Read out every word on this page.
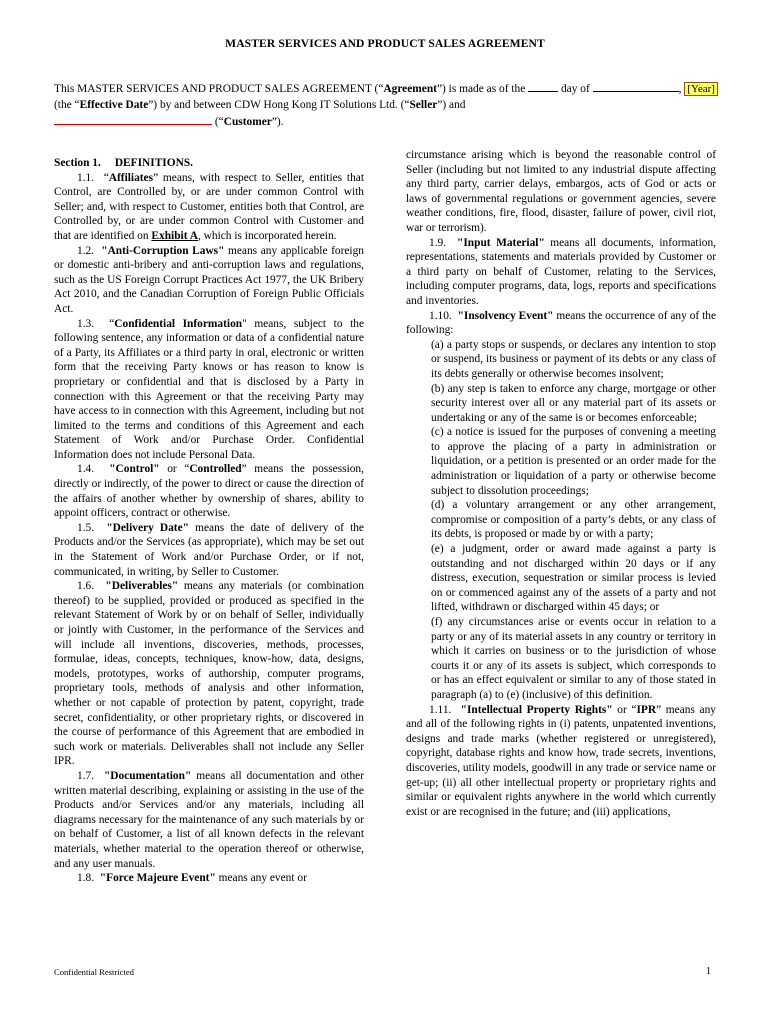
MASTER SERVICES AND PRODUCT SALES AGREEMENT
This MASTER SERVICES AND PRODUCT SALES AGREEMENT (“Agreement”) is made as of the	day of	, [Year] (the “Effective Date”) by and between CDW Hong Kong IT Solutions Ltd. (“Seller”) and
(“Customer”).

Section 1. DEFINITIONS.

1.1. “Affiliates” means, with respect to Seller, entities that Control, are Controlled by, or are under common Control with Seller; and, with respect to Customer, entities both that Control, are Controlled by, or are under common Control with Customer and that are identified on Exhibit A, which is incorporated herein.

1.2. "Anti-Corruption Laws" means any applicable foreign or domestic anti-bribery and anti-corruption laws and regulations, such as the US Foreign Corrupt Practices Act 1977, the UK Bribery Act 2010, and the Canadian Corruption of Foreign Public Officials Act.

1.3. “Confidential Information" means, subject to the following sentence, any information or data of a confidential nature of a Party, its Affiliates or a third party in oral, electronic or written form that the receiving Party knows or has reason to know is proprietary or confidential and that is disclosed by a Party in connection with this Agreement or that the receiving Party may have access to in connection with this Agreement, including but not limited to the terms and conditions of this Agreement and each Statement of Work and/or Purchase Order. Confidential Information does not include Personal Data.

1.4. "Control" or “Controlled” means the possession, directly or indirectly, of the power to direct or cause the direction of the affairs of another whether by ownership of shares, ability to appoint officers, contract or otherwise.

1.5. "Delivery Date" means the date of delivery of the Products and/or the Services (as appropriate), which may be set out in the Statement of Work and/or Purchase Order, or if not, communicated, in writing, by Seller to Customer.

1.6. "Deliverables" means any materials (or combination thereof) to be supplied, provided or produced as specified in the relevant Statement of Work by or on behalf of Seller, individually or jointly with Customer, in the performance of the Services and will include all inventions, discoveries, methods, processes, formulae, ideas, concepts, techniques, know-how, data, designs, models, prototypes, works of authorship, computer programs, proprietary tools, methods of analysis and other information, whether or not capable of protection by patent, copyright, trade secret, confidentiality, or other proprietary rights, or discovered in the course of performance of this Agreement that are embodied in such work or materials. Deliverables shall not include any Seller IPR.

1.7. "Documentation" means all documentation and other written material describing, explaining or assisting in the use of the Products and/or Services and/or any materials, including all diagrams necessary for the maintenance of any such materials by or on behalf of Customer, a list of all known defects in the relevant materials, whether material to the operation thereof or otherwise, and any user manuals.

1.8. "Force Majeure Event" means any event or

circumstance arising which is beyond the reasonable control of Seller (including but not limited to any industrial dispute affecting any third party, carrier delays, embargos, acts of God or acts or laws of governmental regulations or government agencies, severe weather conditions, fire, flood, disaster, failure of power, civil riot, war or terrorism).

1.9. "Input Material" means all documents, information, representations, statements and materials provided by Customer or a third party on behalf of Customer, relating to the Services, including computer programs, data, logs, reports and specifications and inventories.

1.10. "Insolvency Event" means the occurrence of any of the following:

(a) a party stops or suspends, or declares any intention to stop or suspend, its business or payment of its debts or any class of its debts generally or otherwise becomes insolvent;

(b) any step is taken to enforce any charge, mortgage or other security interest over all or any material part of its assets or undertaking or any of the same is or becomes enforceable;

(c) a notice is issued for the purposes of convening a meeting to approve the placing of a party in administration or liquidation, or a petition is presented or an order made for the administration or liquidation of a party or otherwise become subject to dissolution proceedings;

(d) a voluntary arrangement or any other arrangement, compromise or composition of a party’s debts, or any class of its debts, is proposed or made by or with a party;

(e) a judgment, order or award made against a party is outstanding and not discharged within 20 days or if any distress, execution, sequestration or similar process is levied on or commenced against any of the assets of a party and not lifted, withdrawn or discharged within 45 days; or

(f) any circumstances arise or events occur in relation to a party or any of its material assets in any country or territory in which it carries on business or to the jurisdiction of whose courts it or any of its assets is subject, which corresponds to or has an effect equivalent or similar to any of those stated in paragraph (a) to (e) (inclusive) of this definition.

1.11. "Intellectual Property Rights" or “IPR” means any and all of the following rights in (i) patents, unpatented inventions, designs and trade marks (whether registered or unregistered), copyright, database rights and know how, trade secrets, inventions, discoveries, utility models, goodwill in any trade or service name or get-up; (ii) all other intellectual property or proprietary rights and similar or equivalent rights anywhere in the world which currently exist or are recognised in the future; and (iii) applications,

Confidential Restricted	1
